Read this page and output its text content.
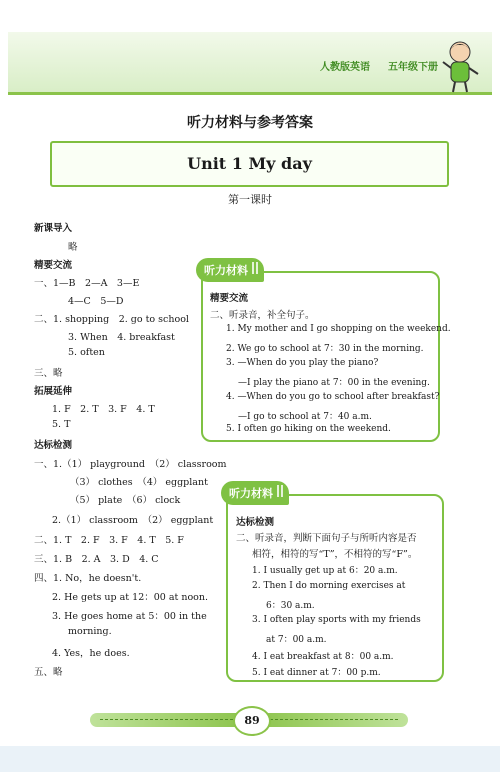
人教版英语 五年级下册
听力材料与参考答案
Unit 1 My day
第一课时
新课导入
略
精要交流
一、1—B　2—A　3—E
4—C　5—D
二、1. shopping　2. go to school
3. When　4. breakfast
5. often
三、略
拓展延伸
1. F　2. T　3. F　4. T
5. T
达标检测
一、1.（1） playground　（2） classroom
（3） clothes　（4） eggplant
（5） plate　（6） clock
2.（1） classroom　（2） eggplant
二、1. T　2. F　3. F　4. T　5. F
三、1. B　2. A　3. D　4. C
四、1. No，he doesn't.
2. He gets up at 12：00 at noon.
3. He goes home at 5：00 in the
morning.
4. Yes，he does.
五、略
听力材料
精要交流
二、听录音，补全句子。
1. My mother and I go shopping on the weekend.
2. We go to school at 7：30 in the morning.
3. —When do you play the piano?
—I play the piano at 7：00 in the evening.
4. —When do you go to school after breakfast?
—I go to school at 7：40 a.m.
5. I often go hiking on the weekend.
听力材料
达标检测
二、听录音，判断下面句子与所听内容是否
相符，相符的写“T”，不相符的写“F”。
1. I usually get up at 6：20 a.m.
2. Then I do morning exercises at
6：30 a.m.
3. I often play sports with my friends
at 7：00 a.m.
4. I eat breakfast at 8：00 a.m.
5. I eat dinner at 7：00 p.m.
89
